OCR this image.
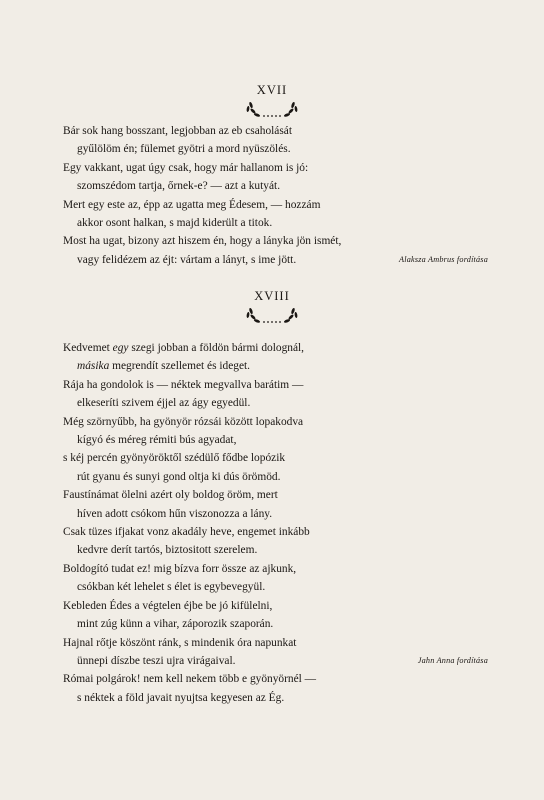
XVII
Bár sok hang bosszant, legjobban az eb csaholását
gyűlölöm én; fülemet gyötri a mord nyüszölés.
Egy vakkant, ugat úgy csak, hogy már hallanom is jó:
szomszédom tartja, őrnek-e? — azt a kutyát.
Mert egy este az, épp az ugatta meg Édesem, — hozzám
akkor osont halkan, s majd kiderült a titok.
Most ha ugat, bizony azt hiszem én, hogy a lányka jön ismét,
vagy felidézem az éjt: vártam a lányt, s ime jött.	Alaksza Ambrus fordítása
XVIII
Kedvemet egy szegi jobban a földön bármi dolognál,
másika megrendít szellemet és ideget.
Rája ha gondolok is — néktek megvallva barátim —
elkeseríti szivem éjjel az ágy egyedül.
Még szörnyűbb, ha gyönyör rózsái között lopakodva
kígyó és méreg rémiti bús agyadat,
s kéj percén gyönyöröktől szédülő fődbe lopózik
rút gyanu és sunyi gond oltja ki dús örömöd.
Faustínámat ölelni azért oly boldog öröm, mert
híven adott csókom hűn viszonozza a lány.
Csak tüzes ifjakat vonz akadály heve, engemet inkább
kedvre derít tartós, biztositott szerelem.
Boldogító tudat ez! mig bízva forr össze az ajkunk,
csókban két lehelet s élet is egybevegyül.
Kebleden Édes a végtelen éjbe be jó kifülelni,
mint zúg künn a vihar, záporozik szaporán.
Hajnal rőtje köszönt ránk, s mindenik óra napunkat
ünnepi díszbe teszi ujra virágaival.
Római polgárok! nem kell nekem több e gyönyörnél —
s néktek a föld javait nyujtsa kegyesen az Ég.
Jahn Anna fordítása
